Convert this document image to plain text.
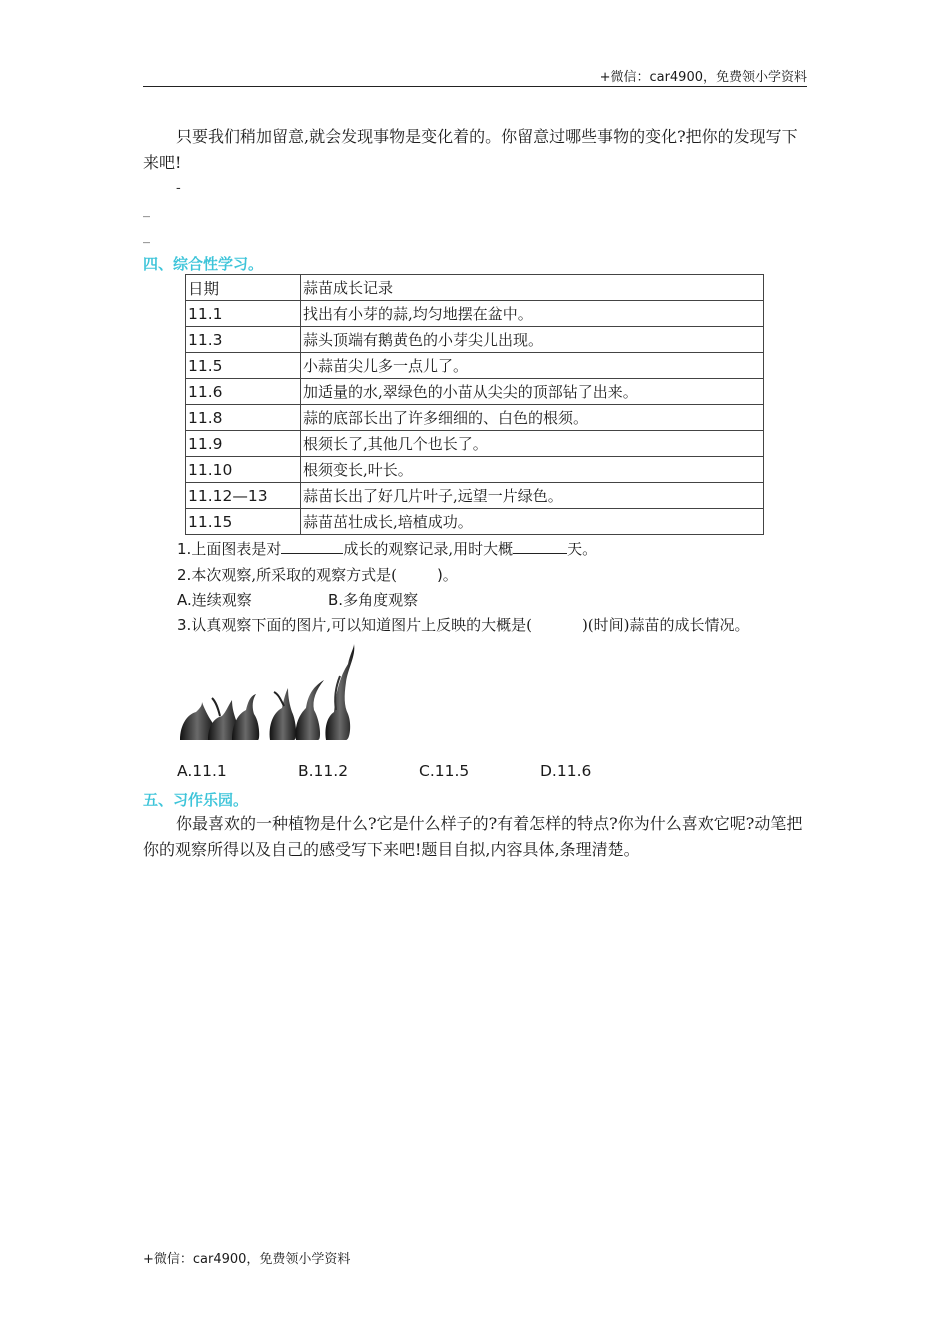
+微信：car4900，免费领小学资料
只要我们稍加留意,就会发现事物是变化着的。你留意过哪些事物的变化?把你的发现写下来吧!
-
_
_
四、综合性学习。
日期	蒜苗成长记录
11.1	找出有小芽的蒜,均匀地摆在盆中。
11.3	蒜头顶端有鹅黄色的小芽尖儿出现。
11.5	小蒜苗尖儿多一点儿了。
11.6	加适量的水,翠绿色的小苗从尖尖的顶部钻了出来。
11.8	蒜的底部长出了许多细细的、白色的根须。
11.9	根须长了,其他几个也长了。
11.10	根须变长,叶长。
11.12—13	蒜苗长出了好几片叶子,远望一片绿色。
11.15	蒜苗茁壮成长,培植成功。
1.上面图表是对	成长的观察记录,用时大概	天。
2.本次观察,所采取的观察方式是(	)。
A.连续观察	B.多角度观察
3.认真观察下面的图片,可以知道图片上反映的大概是(	)(时间)蒜苗的成长情况。
A.11.1	B.11.2	C.11.5	D.11.6
五、习作乐园。
你最喜欢的一种植物是什么?它是什么样子的?有着怎样的特点?你为什么喜欢它呢?动笔把你的观察所得以及自己的感受写下来吧!题目自拟,内容具体,条理清楚。
+微信：car4900，免费领小学资料
